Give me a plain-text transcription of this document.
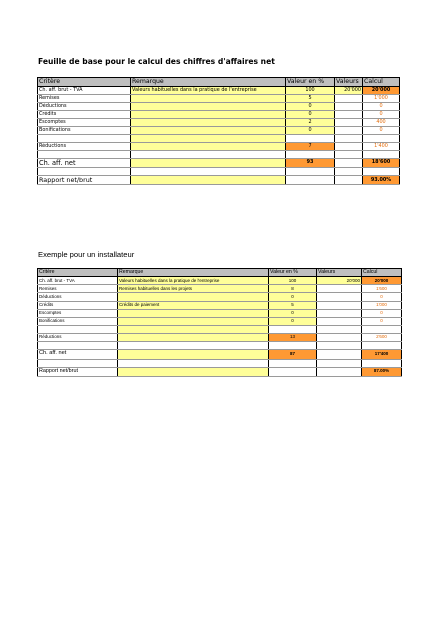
Feuille de base pour le calcul des chiffres d'affaires net
Critère	Remarque	Valeur en %	Valeurs	Calcul
Ch. aff. brut - TVA	Valeurs habituelles dans la pratique de l'entreprise	100	20'000	20'000
Remises		5		1'000
Déductions		0		0
Crédits		0		0
Escomptes		2		400
Bonifications		0		0

Réductions		7		1'400

Ch. aff. net		93		18'600

Rapport net/brut				93.00%
Exemple pour un installateur
Critère	Remarque	Valeur en %	Valeurs	Calcul
Ch. aff. brut - TVA	Valeurs habituelles dans la pratique de l'entreprise	100	20'000	20'000
Remises	Remises habituelles dans les projets	8		1'600
Déductions		0		0
Crédits	Crédits de paiement	5		1'000
Escomptes		0		0
Bonifications		0		0

Réductions		13		2'600

Ch. aff. net		87		17'400

Rapport net/brut				87.00%
